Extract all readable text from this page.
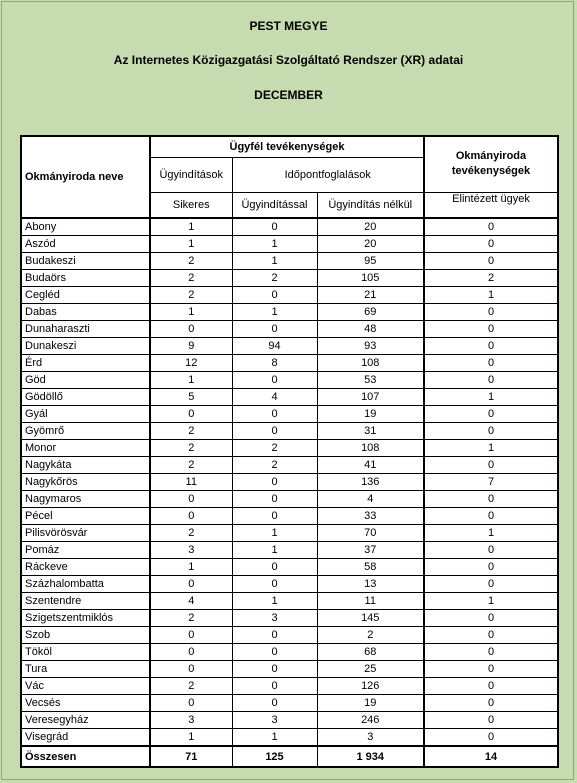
PEST MEGYE
Az Internetes Közigazgatási Szolgáltató Rendszer (XR) adatai
DECEMBER
Okmányiroda neve	Ügyfél tevékenységek			Okmányiroda tevékenységek
	Ügyindítások	Időpontfoglalások		
	Sikeres	Ügyindítással	Ügyindítás nélkül	Elintézett ügyek
Abony	1	0	20	0
Aszód	1	1	20	0
Budakeszi	2	1	95	0
Budaörs	2	2	105	2
Cegléd	2	0	21	1
Dabas	1	1	69	0
Dunaharaszti	0	0	48	0
Dunakeszi	9	94	93	0
Érd	12	8	108	0
Göd	1	0	53	0
Gödöllő	5	4	107	1
Gyál	0	0	19	0
Gyömrő	2	0	31	0
Monor	2	2	108	1
Nagykáta	2	2	41	0
Nagykőrös	11	0	136	7
Nagymaros	0	0	4	0
Pécel	0	0	33	0
Pilisvörösvár	2	1	70	1
Pomáz	3	1	37	0
Ráckeve	1	0	58	0
Százhalombatta	0	0	13	0
Szentendre	4	1	11	1
Szigetszentmiklós	2	3	145	0
Szob	0	0	2	0
Tököl	0	0	68	0
Tura	0	0	25	0
Vác	2	0	126	0
Vecsés	0	0	19	0
Veresegyház	3	3	246	0
Visegrád	1	1	3	0
Összesen	71	125	1 934	14
